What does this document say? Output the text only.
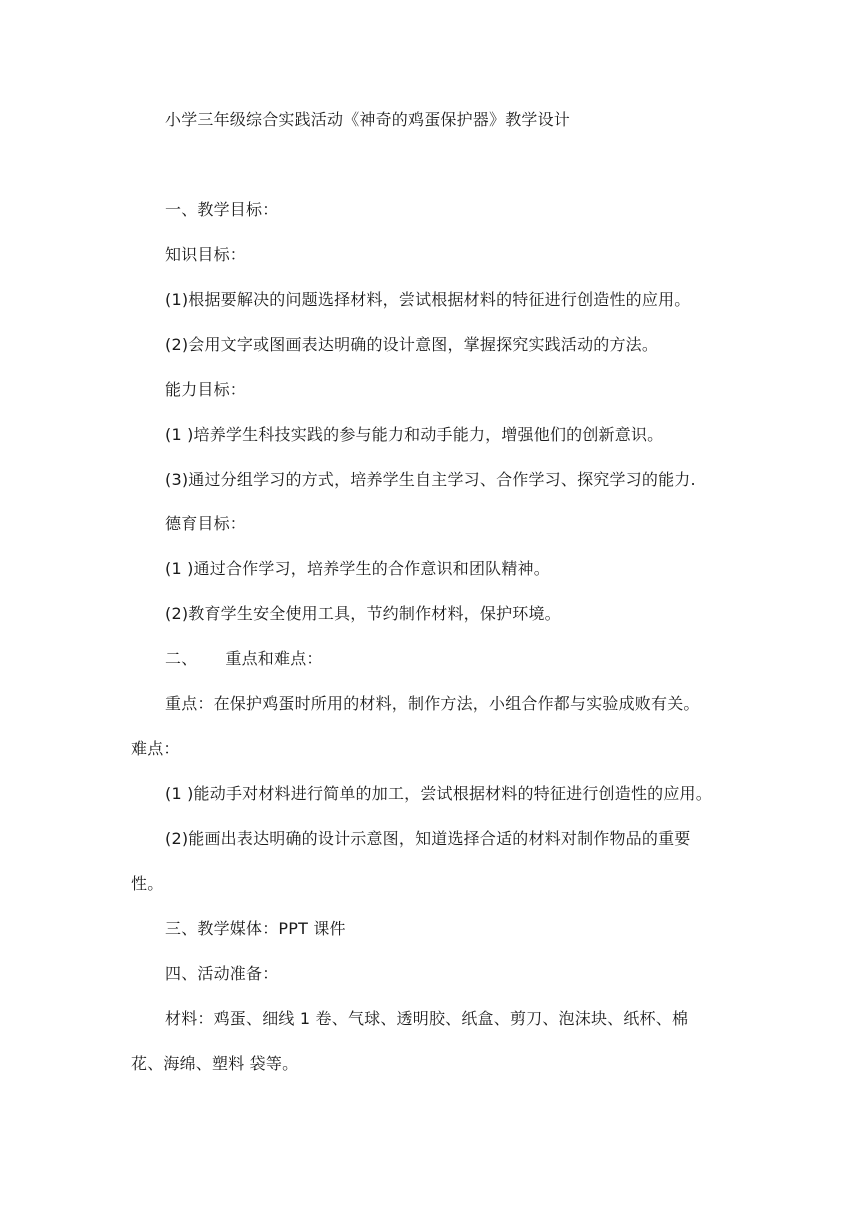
小学三年级综合实践活动《神奇的鸡蛋保护器》教学设计
一、教学目标：
知识目标：
(1)根据要解决的问题选择材料，尝试根据材料的特征进行创造性的应用。
(2)会用文字或图画表达明确的设计意图，掌握探究实践活动的方法。
能力目标：
(1 )培养学生科技实践的参与能力和动手能力，增强他们的创新意识。
(3)通过分组学习的方式，培养学生自主学习、合作学习、探究学习的能力.
德育目标：
(1 )通过合作学习，培养学生的合作意识和团队精神。
(2)教育学生安全使用工具，节约制作材料，保护环境。
二、 重点和难点：
重点：在保护鸡蛋时所用的材料，制作方法，小组合作都与实验成败有关。
难点：
(1 )能动手对材料进行简单的加工，尝试根据材料的特征进行创造性的应用。
(2)能画出表达明确的设计示意图，知道选择合适的材料对制作物品的重要
性。
三、教学媒体：PPT 课件
四、活动准备：
材料：鸡蛋、细线 1 卷、气球、透明胶、纸盒、剪刀、泡沫块、纸杯、棉
花、海绵、塑料 袋等。
